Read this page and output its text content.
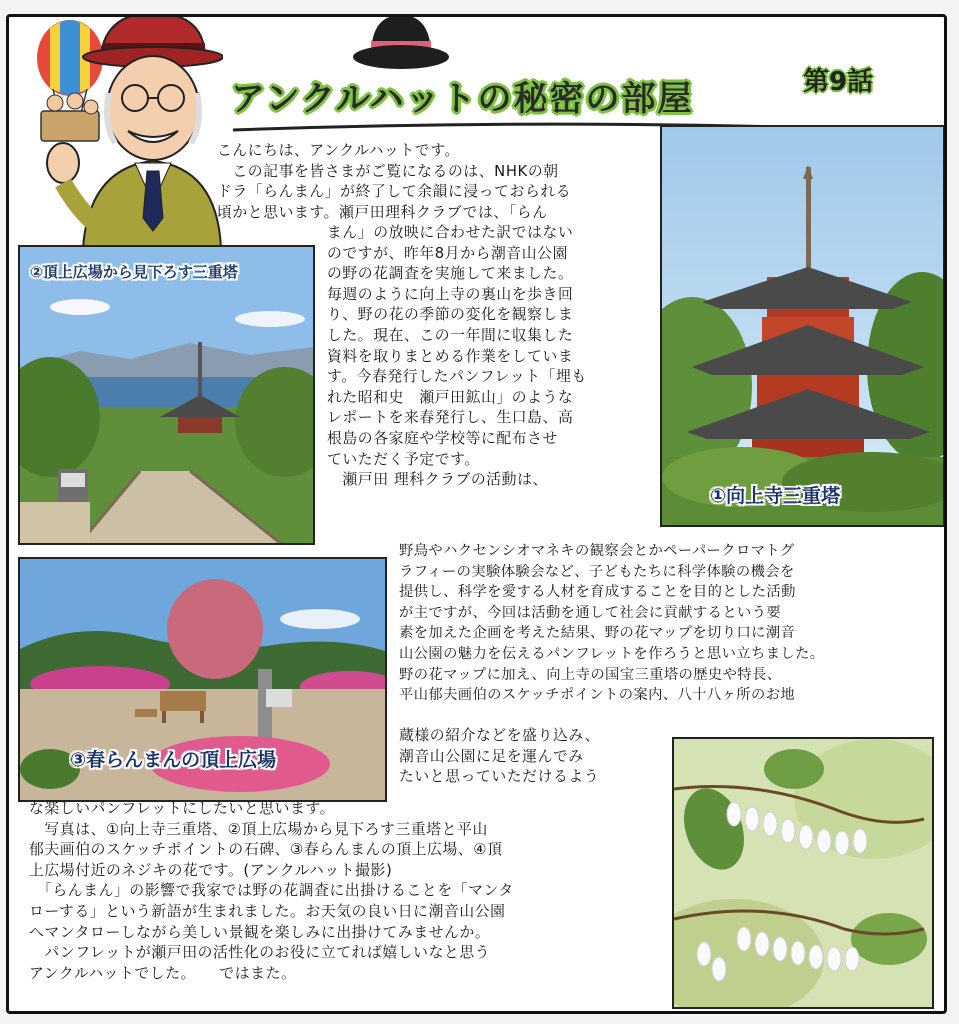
アンクルハットの秘密の部屋	第9話
①向上寺三重塔
②頂上広場から見下ろす三重塔
③春らんまんの頂上広場
こんにちは、アンクルハットです。
　この記事を皆さまがご覧になるのは、NHKの朝
ドラ「らんまん」が終了して余韻に浸っておられる
頃かと思います。瀬戸田理科クラブでは、「らん
まん」の放映に合わせた訳ではない
のですが、昨年8月から潮音山公園
の野の花調査を実施して来ました。
毎週のように向上寺の裏山を歩き回
り、野の花の季節の変化を観察しま
した。現在、この一年間に収集した
資料を取りまとめる作業をしていま
す。今春発行したパンフレット「埋も
れた昭和史　瀬戸田鉱山」のような
レポートを来春発行し、生口島、高
根島の各家庭や学校等に配布させ
ていただく予定です。
　瀬戸田 理科クラブの活動は、
野鳥やハクセンシオマネキの観察会とかペーパークロマトグ
ラフィーの実験体験会など、子どもたちに科学体験の機会を
提供し、科学を愛する人材を育成することを目的とした活動
が主ですが、今回は活動を通して社会に貢献するという要
素を加えた企画を考えた結果、野の花マップを切り口に潮音
山公園の魅力を伝えるパンフレットを作ろうと思い立ちました。
野の花マップに加え、向上寺の国宝三重塔の歴史や特長、
平山郁夫画伯のスケッチポイントの案内、八十八ヶ所のお地
蔵様の紹介などを盛り込み、
潮音山公園に足を運んでみ
たいと思っていただけるよう
な楽しいパンフレットにしたいと思います。
　写真は、①向上寺三重塔、②頂上広場から見下ろす三重塔と平山
郁夫画伯のスケッチポイントの石碑、③春らんまんの頂上広場、④頂
上広場付近のネジキの花です。(アンクルハット撮影)
　「らんまん」の影響で我家では野の花調査に出掛けることを「マンタ
ローする」という新語が生まれました。お天気の良い日に潮音山公園
へマンタローしながら美しい景観を楽しみに出掛けてみませんか。
　パンフレットが瀬戸田の活性化のお役に立てれば嬉しいなと思う
アンクルハットでした。　　ではまた。
